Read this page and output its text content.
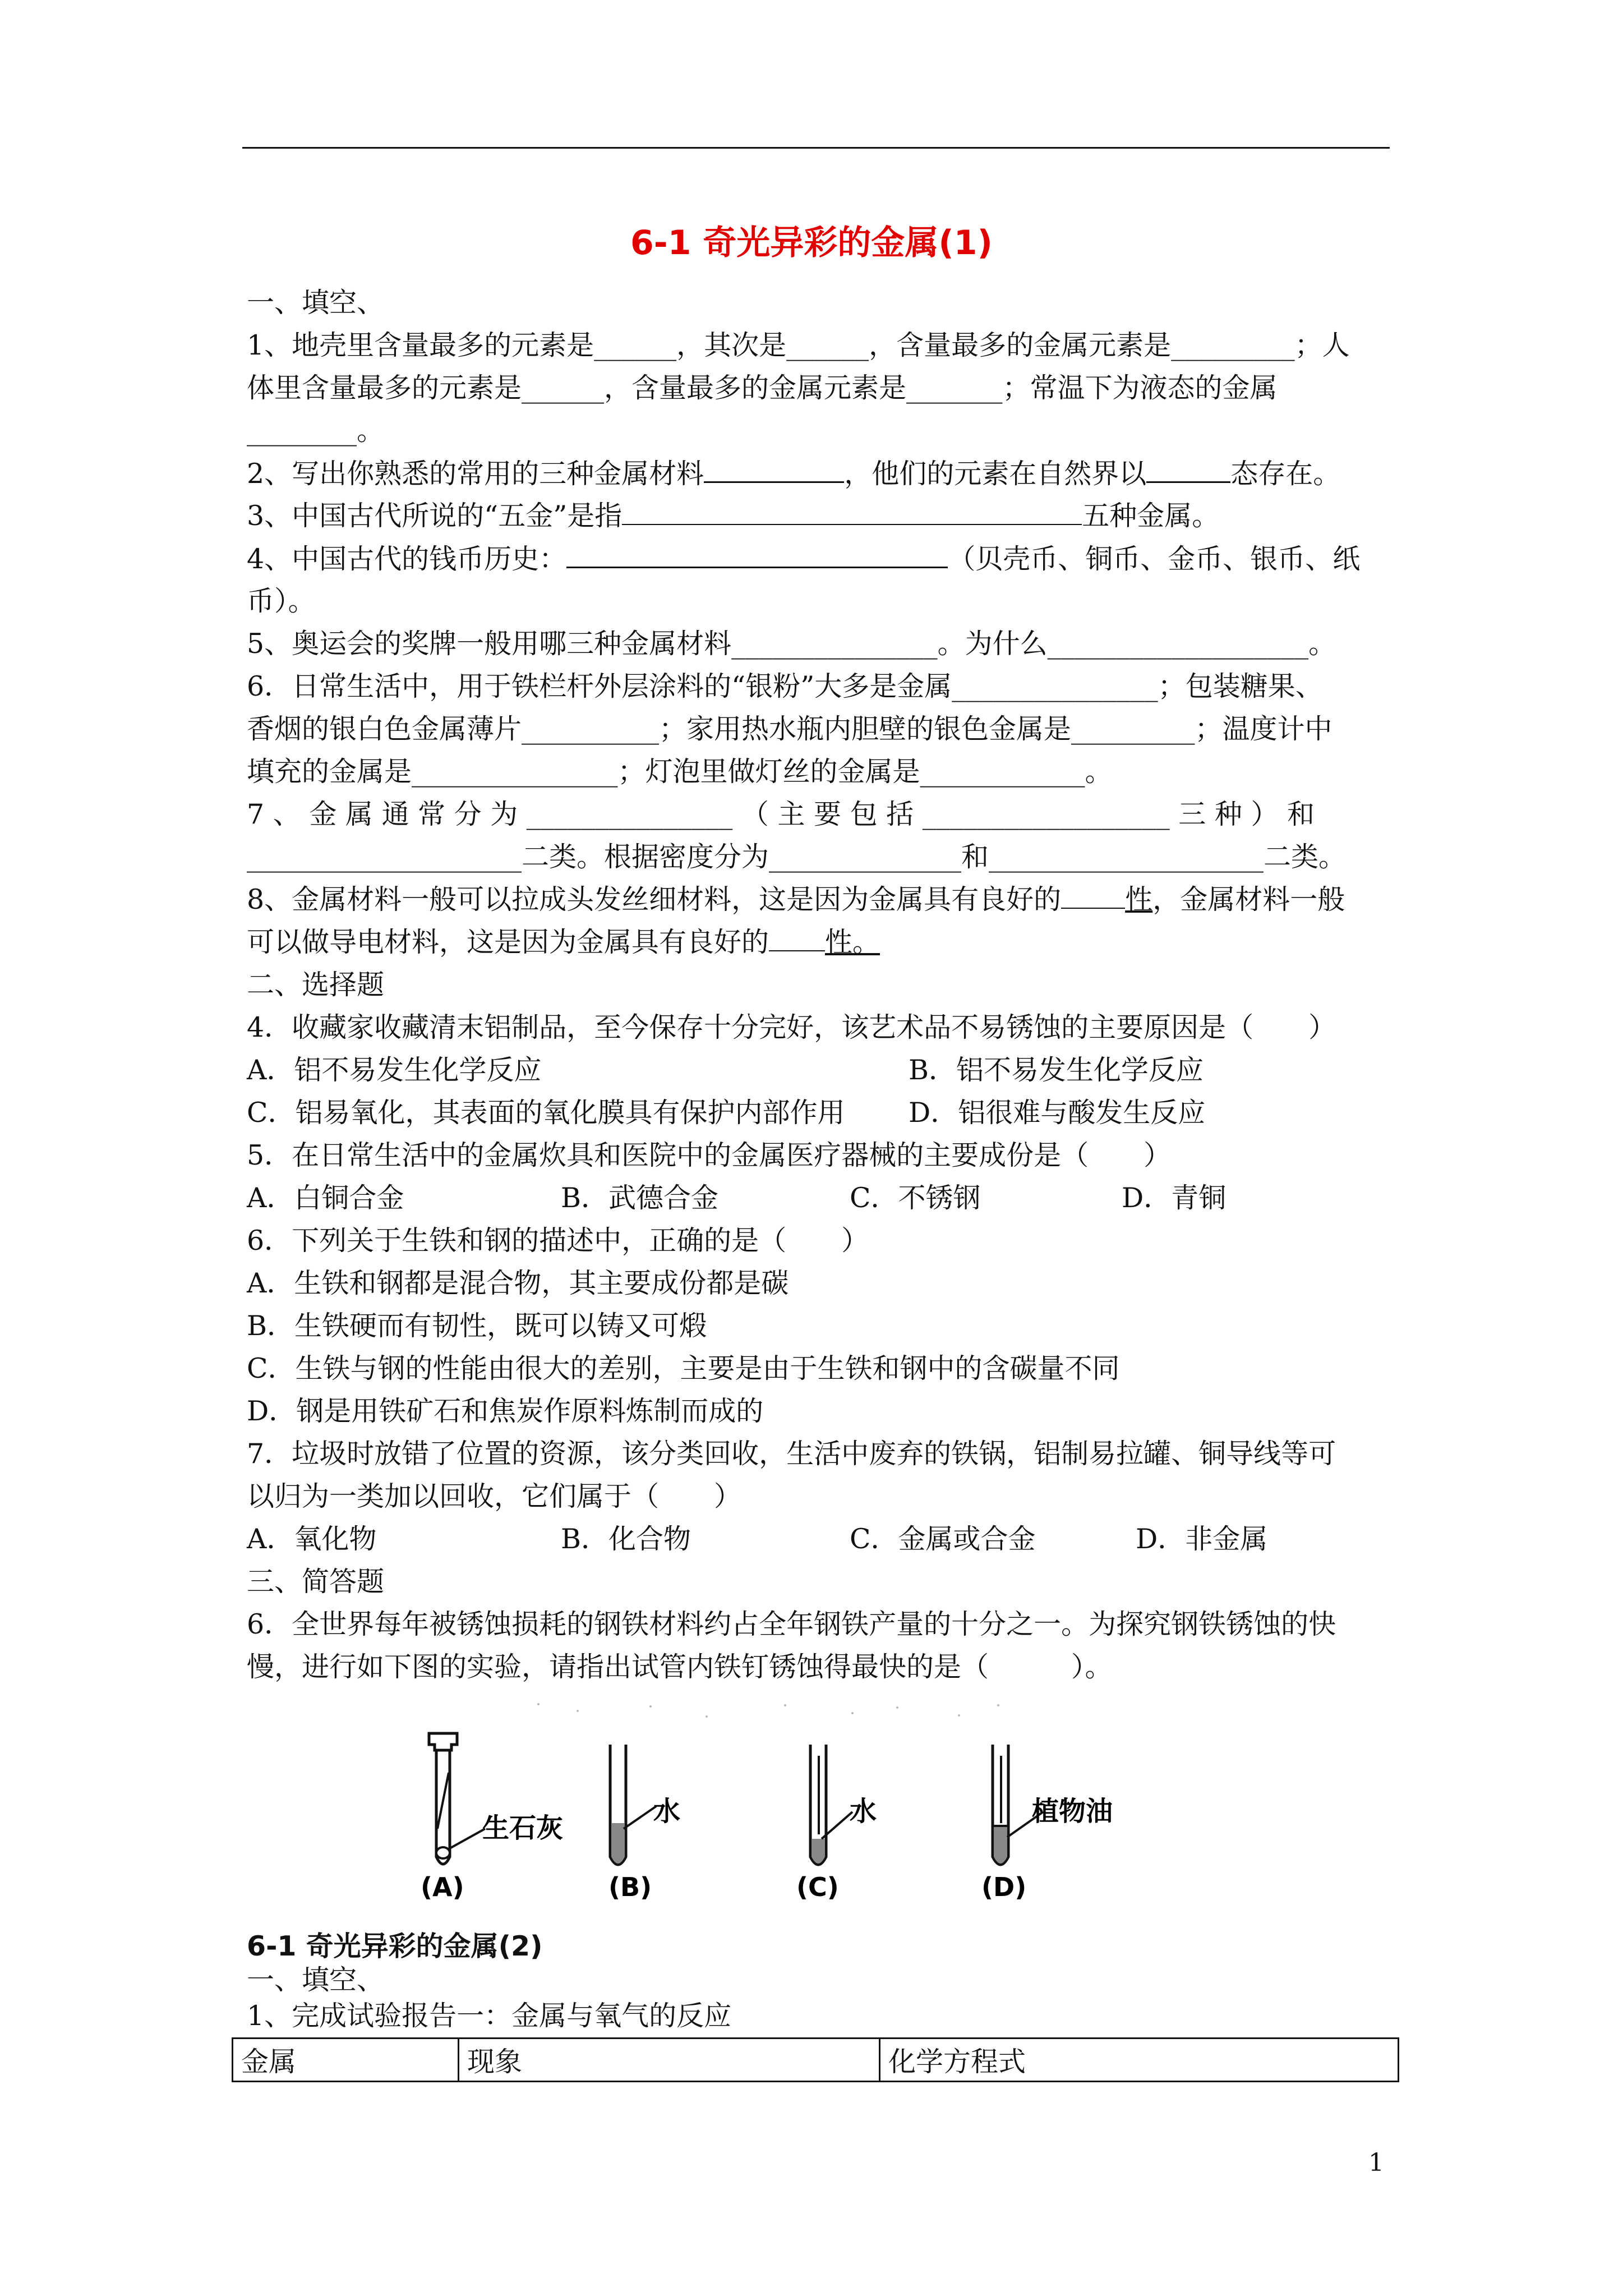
6-1 奇光异彩的金属(1)
一、填空、
1、地壳里含量最多的元素是______，其次是______，含量最多的金属元素是_________；人
体里含量最多的元素是______，含量最多的金属元素是_______；常温下为液态的金属
________。
2、写出你熟悉的常用的三种金属材料	，他们的元素在自然界以	态存在。
3、中国古代所说的“五金”是指	五种金属。
4、中国古代的钱币历史：	（贝壳币、铜币、金币、银币、纸
币）。
5、奥运会的奖牌一般用哪三种金属材料_______________。为什么___________________。
6．日常生活中，用于铁栏杆外层涂料的“银粉”大多是金属_______________；包装糖果、
香烟的银白色金属薄片__________；家用热水瓶内胆壁的银色金属是_________；温度计中
填充的金属是_______________；灯泡里做灯丝的金属是____________。
7 、 金 属 通 常 分 为 _______________ （ 主 要 包 括 __________________ 三 种 ） 和
____________________二类。根据密度分为______________和____________________二类。
8、金属材料一般可以拉成头发丝细材料，这是因为金属具有良好的 性，金属材料一般
可以做导电材料，这是因为金属具有良好的 性。
二、选择题
4．收藏家收藏清末铝制品，至今保存十分完好，该艺术品不易锈蚀的主要原因是（　　）
A．铝不易发生化学反应	B．铝不易发生化学反应
C．铝易氧化，其表面的氧化膜具有保护内部作用 D．铝很难与酸发生反应
5．在日常生活中的金属炊具和医院中的金属医疗器械的主要成份是（　　）
A．白铜合金	B．武德合金	C．不锈钢	D．青铜
6．下列关于生铁和钢的描述中，正确的是（　　）
A．生铁和钢都是混合物，其主要成份都是碳
B．生铁硬而有韧性，既可以铸又可煅
C．生铁与钢的性能由很大的差别，主要是由于生铁和钢中的含碳量不同
D．钢是用铁矿石和焦炭作原料炼制而成的
7．垃圾时放错了位置的资源，该分类回收，生活中废弃的铁锅，铝制易拉罐、铜导线等可
以归为一类加以回收，它们属于（　　）
A．氧化物	B．化合物	C．金属或合金	D．非金属
三、简答题
6．全世界每年被锈蚀损耗的钢铁材料约占全年钢铁产量的十分之一。为探究钢铁锈蚀的快
慢，进行如下图的实验，请指出试管内铁钉锈蚀得最快的是（　　　）。
生石灰
(A)
水
(B)
水
(C)
植物油
(D)
6-1 奇光异彩的金属(2)
一、填空、
1、完成试验报告一：金属与氧气的反应
金属	现象	化学方程式
1
